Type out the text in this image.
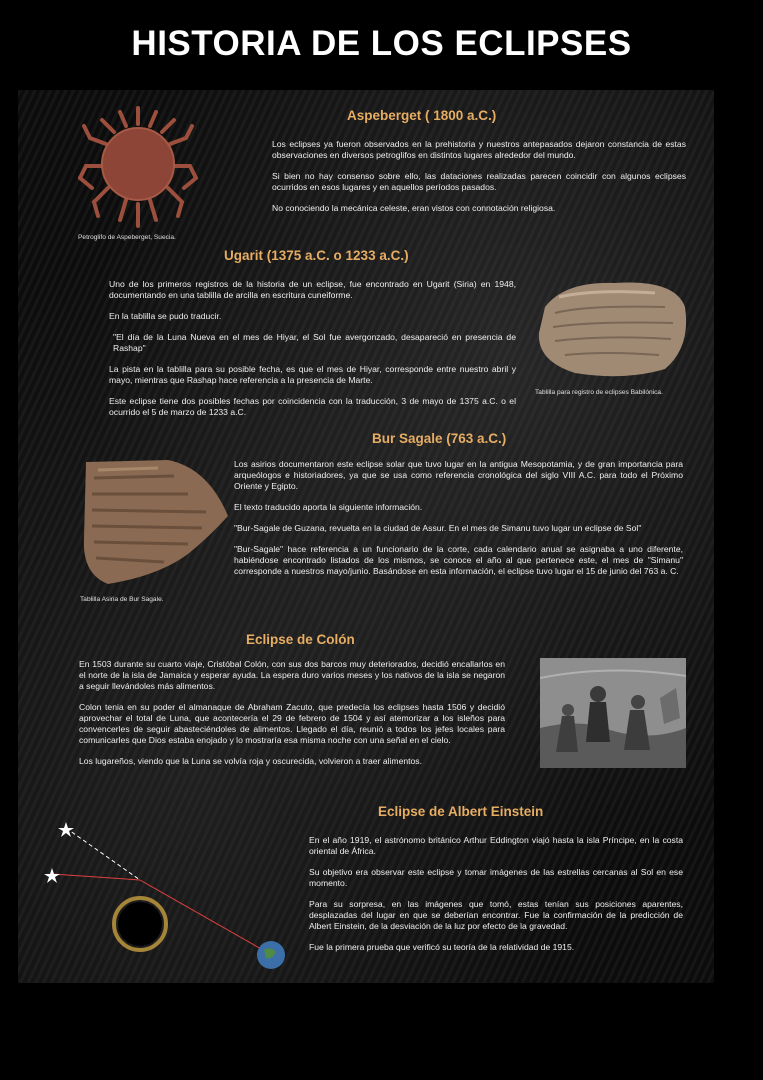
HISTORIA DE LOS ECLIPSES
Petroglifo de Aspeberget, Suecia.
Aspeberget ( 1800 a.C.)
Los eclipses ya fueron observados en la prehistoria y nuestros antepasados dejaron constancia de estas observaciones en diversos petroglifos en distintos lugares alrededor del mundo.
Si bien no hay consenso sobre ello, las dataciones realizadas parecen coincidir con algunos eclipses ocurridos en esos lugares y en aquellos períodos pasados.
No conociendo la mecánica celeste, eran vistos con connotación religiosa.
Ugarit (1375 a.C. o 1233 a.C.)
Uno de los primeros registros de la historia de un eclipse, fue encontrado en Ugarit (Siria) en 1948, documentando en una tablilla de arcilla en escritura cuneiforme.
En la tablilla se pudo traducir.
"El día de la Luna Nueva en el mes de Hiyar, el Sol fue avergonzado, desapareció en presencia de Rashap"
La pista en la tablilla para su posible fecha, es que el mes de Hiyar, corresponde entre nuestro abril y mayo, mientras que Rashap hace referencia a la presencia de Marte.
Este eclipse tiene dos posibles fechas por coincidencia con la traducción, 3 de mayo de 1375 a.C. o el ocurrido el 5 de marzo de 1233 a.C.
Tablilla para registro de eclipses Babilónica.
Bur Sagale (763 a.C.)
Tablilla Asiria de Bur Sagale.
Los asirios documentaron este eclipse solar que tuvo lugar en la antigua Mesopotamia, y de gran importancia para arqueólogos e historiadores, ya que se usa como referencia cronológica del siglo VIII A.C. para todo el Próximo Oriente y Egipto.
El texto traducido aporta la siguiente información.
"Bur-Sagale de Guzana, revuelta en la ciudad de Assur. En el mes de Simanu tuvo lugar un eclipse de Sol"
"Bur-Sagale" hace referencia a un funcionario de la corte, cada calendario anual se asignaba a uno diferente, habiéndose encontrado listados de los mismos, se conoce el año al que pertenece este, el mes de "Simanu" corresponde a nuestros mayo/junio. Basándose en esta información, el eclipse tuvo lugar el 15 de junio del 763 a. C.
Eclipse de Colón
En 1503 durante su cuarto viaje, Cristóbal Colón, con sus dos barcos muy deteriorados, decidió encallarlos en el norte de la isla de Jamaica y esperar ayuda. La espera duro varios meses y los nativos de la isla se negaron a seguir llevándoles más alimentos.
Colon tenia en su poder el almanaque de Abraham Zacuto, que predecía los eclipses hasta 1506 y decidió aprovechar el total de Luna, que acontecería el 29 de febrero de 1504 y así atemorizar a los isleños para convencerles de seguir abasteciéndoles de alimentos. Llegado el día, reunió a todos los jefes locales para comunicarles que Dios estaba enojado y lo mostraría esa misma noche con una señal en el cielo.
Los lugareños, viendo que la Luna se volvía roja y oscurecida, volvieron a traer alimentos.
Eclipse de Albert Einstein
En el año 1919, el astrónomo británico Arthur Eddington viajó hasta la isla Príncipe, en la costa oriental de África.
Su objetivo era observar este eclipse y tomar imágenes de las estrellas cercanas al Sol en ese momento.
Para su sorpresa, en las imágenes que tomó, estas tenían sus posiciones aparentes, desplazadas del lugar en que se deberían encontrar. Fue la confirmación de la predicción de Albert Einstein, de la desviación de la luz por efecto de la gravedad.
Fue la primera prueba que verificó su teoría de la relatividad de 1915.
